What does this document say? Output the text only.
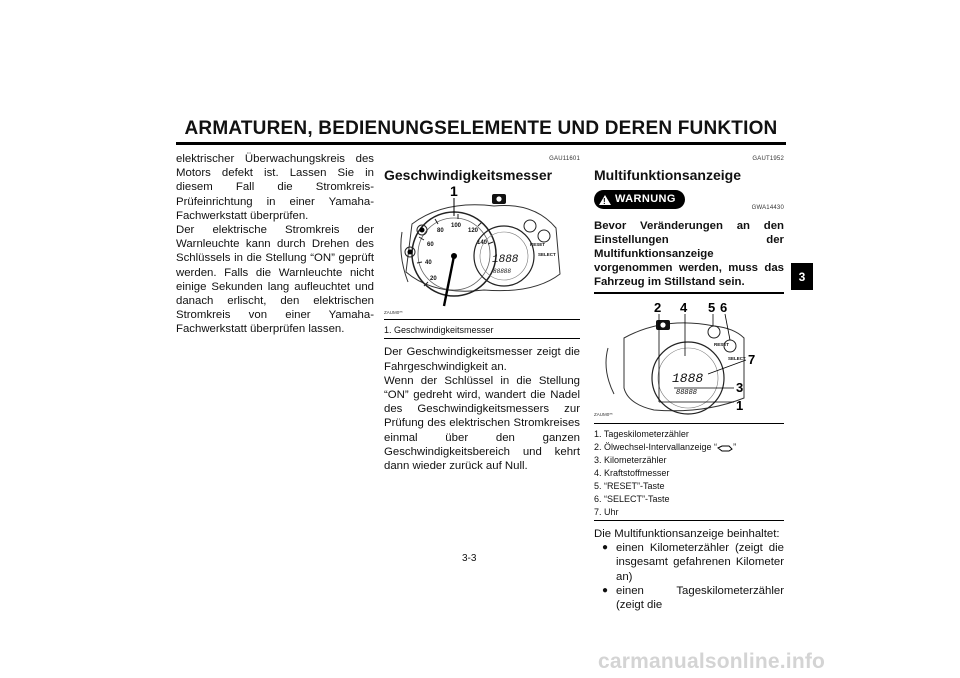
ARMATUREN, BEDIENUNGSELEMENTE UND DEREN FUNKTION

elektrischer Überwachungskreis des Motors defekt ist. Lassen Sie in diesem Fall die Stromkreis-Prüfeinrichtung in einer Yamaha-Fachwerkstatt überprüfen.
Der elektrische Stromkreis der Warnleuchte kann durch Drehen des Schlüssels in die Stellung “ON” geprüft werden. Falls die Warnleuchte nicht einige Sekunden lang aufleuchtet und danach erlischt, den elektrischen Stromkreis von einer Yamaha-Fachwerkstatt überprüfen lassen.

GAU11601
Geschwindigkeitsmesser
20
40
60
80
100
120
140
1888
88888
RESET
SELECT
1
ZAUM0**
1. Geschwindigkeitsmesser

Der Geschwindigkeitsmesser zeigt die Fahrgeschwindigkeit an.
Wenn der Schlüssel in die Stellung “ON” gedreht wird, wandert die Nadel des Geschwindigkeitsmessers zur Prüfung des elektrischen Stromkreises einmal über den ganzen Geschwindigkeitsbereich und kehrt dann wieder zurück auf Null.

GAUT1952
Multifunktionsanzeige
!
WARNUNG
GWA14430

Bevor Veränderungen an den Einstellungen der Multifunktionsanzeige vorgenommen werden, muss das Fahrzeug im Stillstand sein.

1888
88888
RESET
SELECT
2 4 5 6
7
3
1
ZAUM0**
1. Tageskilometerzähler
2. Ölwechsel-Intervallanzeige “ ”
3. Kilometerzähler
4. Kraftstoffmesser
5. “RESET”-Taste
6. “SELECT”-Taste
7. Uhr

Die Multifunktionsanzeige beinhaltet:

● einen Kilometerzähler (zeigt die insgesamt gefahrenen Kilometer an)
● einen Tageskilometerzähler (zeigt die
3-3
3
carmanualsonline.info
